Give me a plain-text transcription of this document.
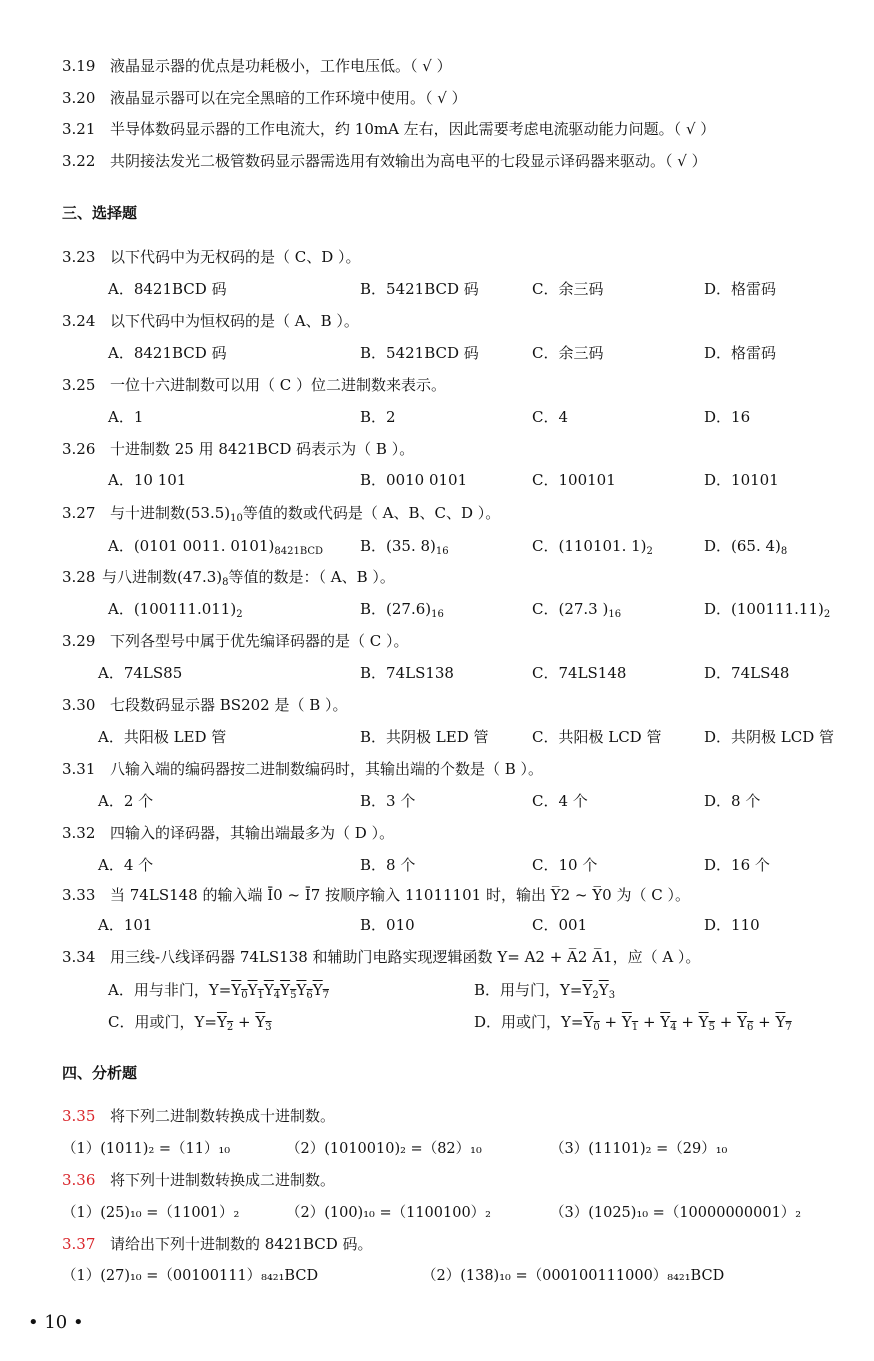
3.19 液晶显示器的优点是功耗极小，工作电压低。（ √ ）
3.20 液晶显示器可以在完全黑暗的工作环境中使用。（ √ ）
3.21 半导体数码显示器的工作电流大，约 10mA 左右，因此需要考虑电流驱动能力问题。（ √ ）
3.22 共阴接法发光二极管数码显示器需选用有效输出为高电平的七段显示译码器来驱动。（ √ ）
三、选择题
3.23 以下代码中为无权码的是（ C、D ）。
A．8421BCD 码	B．5421BCD 码	C．余三码	D．格雷码
3.24 以下代码中为恒权码的是（ A、B ）。
A．8421BCD 码	B．5421BCD 码	C．余三码	D．格雷码
3.25 一位十六进制数可以用（ C ）位二进制数来表示。
A．1	B．2	C．4	D．16
3.26 十进制数 25 用 8421BCD 码表示为（ B ）。
A．10 101	B．0010 0101	C．100101	D．10101
3.27 与十进制数$(53.5)_{10}$等值的数或代码是（ A、B、C、D ）。
A．(0101 0011. $0101)_{8421BCD}$ B．(35. $8)_{16}$	C．(110101. $1)_2$	D．(65. $4)_8$
3.28 与八进制数$(47.3)_8$等值的数是：（ A、B ）。
A．$(100111.011)_2$	B．$(27.6)_{16}$	C．(27.3 )$_{16}$	D．$(100111.11)_2$
3.29 下列各型号中属于优先编译码器的是（ C ）。
A．74LS85	B．74LS138	C．74LS148	D．74LS48
3.30 七段数码显示器 BS202 是（ B ）。
A．共阳极 LED 管	B．共阴极 LED 管	C．共阳极 LCD 管	D．共阴极 LCD 管
3.31 八输入端的编码器按二进制数编码时，其输出端的个数是（ B ）。
A．2 个	B．3 个	C．4 个	D．8 个
3.32 四输入的译码器，其输出端最多为（ D ）。
A．4 个	B．8 个	C．10 个	D．16 个
3.33 当 74LS148 的输入端 Ī0 ~ Ī7 按顺序输入 11011101 时，输出 Y̅2 ~ Y̅0 为（ C ）。
A．101	B．010	C．001	D．110
3.34 用三线-八线译码器 74LS138 和辅助门电路实现逻辑函数 Y= A2 + A̅2 A̅1，应（ A ）。
A．用与非门，$Y=Y_0Y_1Y_4Y_5Y_6Y_7$	B．用与门，$Y=\overline{Y}_2\overline{Y}_3$
C．用或门，$Y=Y_2 + Y_3$	D．用或门，$Y=Y_0 + Y_1 + Y_4 + Y_5 + Y_6 + Y_7$
四、分析题
3.35 将下列二进制数转换成十进制数。
（1）(1011)₂ =（11）₁₀	（2）(1010010)₂ =（82）₁₀	（3）(11101)₂ =（29）₁₀
3.36 将下列十进制数转换成二进制数。
（1）(25)₁₀ =（11001）₂	（2）(100)₁₀ =（1100100）₂	（3）(1025)₁₀ =（10000000001）₂
3.37 请给出下列十进制数的 8421BCD 码。
（1）(27)₁₀ =（00100111）₈₄₂₁BCD	（2）(138)₁₀ =（000100111000）₈₄₂₁BCD
• 10 •
